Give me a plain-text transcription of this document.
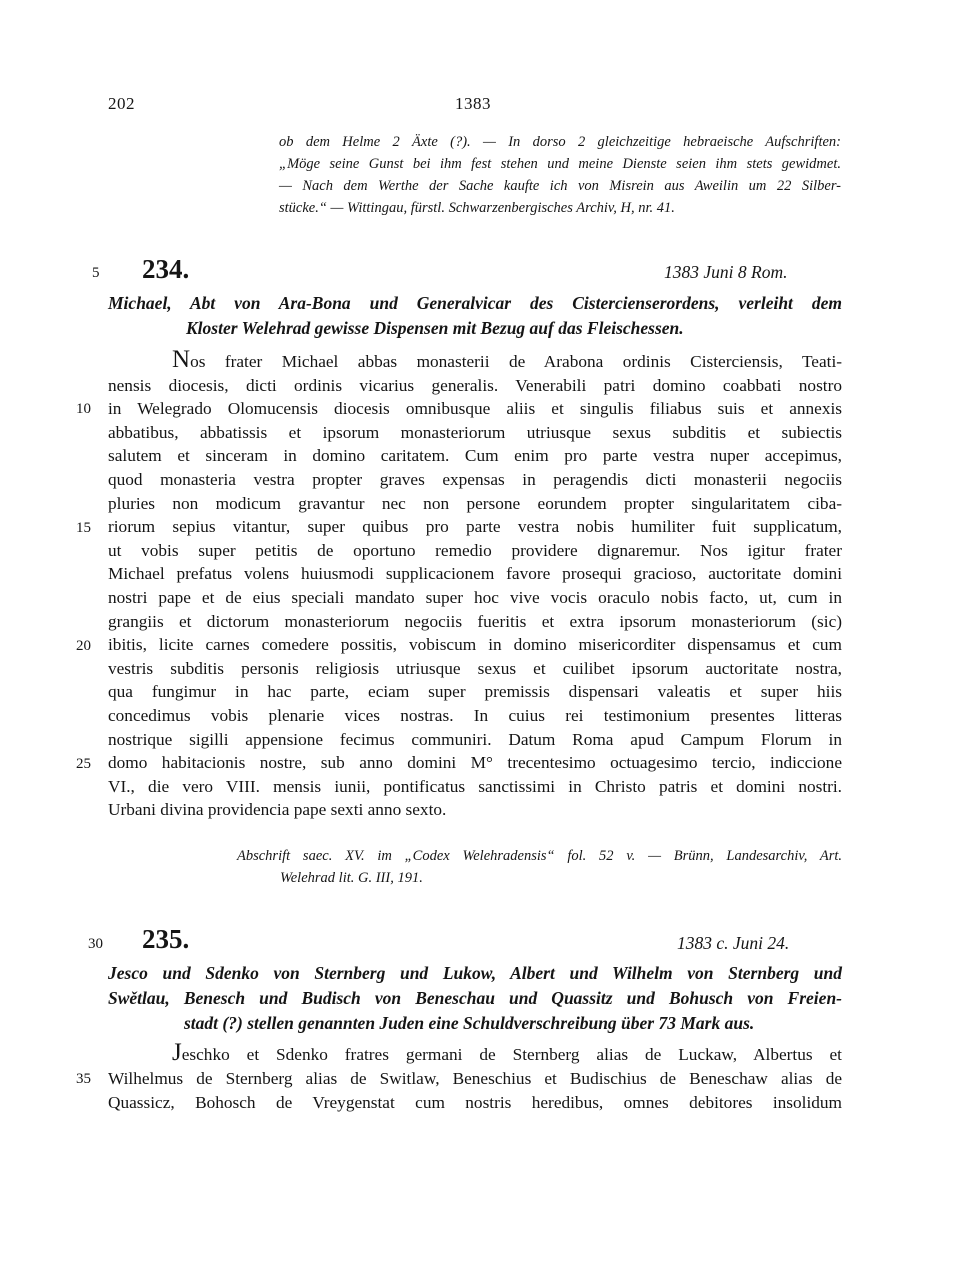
202	1383
ob dem Helme 2 Äxte (?). — In dorso 2 gleichzeitige hebraeische Aufschriften:
„Möge seine Gunst bei ihm fest stehen und meine Dienste seien ihm stets gewidmet.
— Nach dem Werthe der Sache kaufte ich von Misrein aus Aweilin um 22 Silber-
stücke.“ — Wittingau, fürstl. Schwarzenbergisches Archiv, H, nr. 41.
5 234.	1383 Juni 8 Rom.
Michael, Abt von Ara-Bona und Generalvicar des Cistercienserordens, verleiht dem
Kloster Welehrad gewisse Dispensen mit Bezug auf das Fleischessen.
Nos frater Michael abbas monasterii de Arabona ordinis Cisterciensis, Teati-
10
15
20
25
nensis diocesis, dicti ordinis vicarius generalis. Venerabili patri domino coabbati nostro
in Welegrado Olomucensis diocesis omnibusque aliis et singulis filiabus suis et annexis
abbatibus, abbatissis et ipsorum monasteriorum utriusque sexus subditis et subiectis
salutem et sinceram in domino caritatem. Cum enim pro parte vestra nuper accepimus,
quod monasteria vestra propter graves expensas in peragendis dicti monasterii negociis
pluries non modicum gravantur nec non personе eorundem propter singularitatem ciba-
riorum sepius vitantur, super quibus pro parte vestra nobis humiliter fuit supplicatum,
ut vobis super petitis de oportuno remedio providere dignaremur. Nos igitur frater
Michael prefatus volens huiusmodi supplicacionem favore prosequi gracioso, auctoritate domini
nostri pape et de eius speciali mandato super hoc vive vocis oraculo nobis facto, ut, cum in
grangiis et dictorum monasteriorum negociis fueritis et extra ipsorum monasteriorum (sic)
ibitis, licite carnes comedere possitis, vobiscum in domino misericorditer dispensamus et cum
vestris subditis personis religiosis utriusque sexus et cuilibet ipsorum auctoritate nostra,
qua fungimur in hac parte, eciam super premissis dispensari valeatis et super hiis
concedimus vobis plenarie vices nostras. In cuius rei testimonium presentes litteras
nostrique sigilli appensione fecimus communiri. Datum Roma apud Campum Florum in
domo habitacionis nostre, sub anno domini M° trecentesimo octuagesimo tercio, indiccione
VI., die vero VIII. mensis iunii, pontificatus sanctissimi in Christo patris et domini nostri.
Urbani divina providencia pape sexti anno sexto.
Abschrift saec. XV. im „Codex Welehradensis“ fol. 52 v. — Brünn, Landesarchiv, Art.
Welehrad lit. G. III, 191.
30 235.	1383 c. Juni 24.
Jesco und Sdenko von Sternberg und Lukow, Albert und Wilhelm von Sternberg und
Swětlau, Benesch und Budisch von Beneschau und Quassitz und Bohusch von Freien-
stadt (?) stellen genannten Juden eine Schuldverschreibung über 73 Mark aus.
Jeschko et Sdenko fratres germani de Sternberg alias de Luckaw, Albertus et
35 Wilhelmus de Sternberg alias de Switlaw, Beneschius et Budischius de Beneschaw alias de
Quassicz, Bohosch de Vreygenstat cum nostris heredibus, omnes debitores insolidum
